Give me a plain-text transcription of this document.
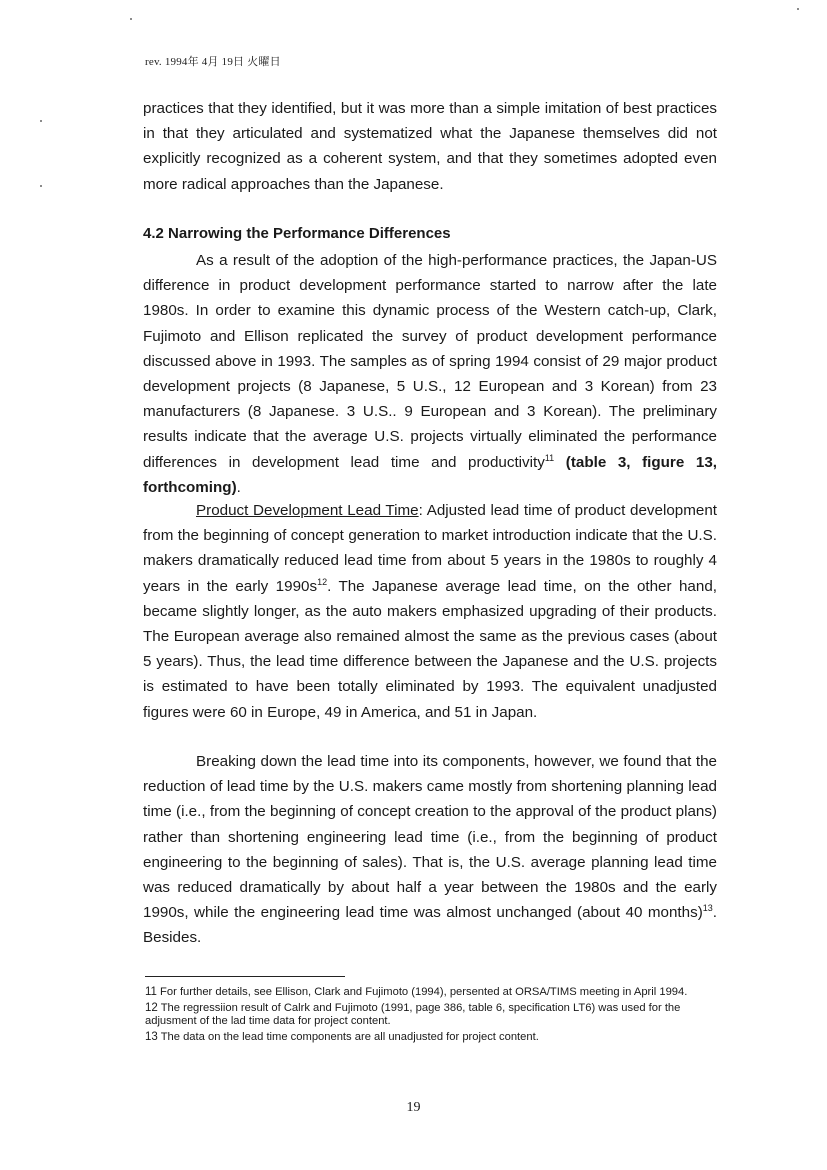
rev. 1994年 4月 19日 火曜日

practices that they identified, but it was more than a simple imitation of best practices in that they articulated and systematized what the Japanese themselves did not explicitly recognized as a coherent system, and that they sometimes adopted even more radical approaches than the Japanese.

4.2 Narrowing the Performance Differences

As a result of the adoption of the high-performance practices, the Japan-US difference in product development performance started to narrow after the late 1980s. In order to examine this dynamic process of the Western catch-up, Clark, Fujimoto and Ellison replicated the survey of product development performance discussed above in 1993. The samples as of spring 1994 consist of 29 major product development projects (8 Japanese, 5 U.S., 12 European and 3 Korean) from 23 manufacturers (8 Japanese. 3 U.S.. 9 European and 3 Korean). The preliminary results indicate that the average U.S. projects virtually eliminated the performance differences in development lead time and productivity$^{11}$ (table 3, figure 13, forthcoming).

Product Development Lead Time: Adjusted lead time of product development from the beginning of concept generation to market introduction indicate that the U.S. makers dramatically reduced lead time from about 5 years in the 1980s to roughly 4 years in the early $1990s^{12}$. The Japanese average lead time, on the other hand, became slightly longer, as the auto makers emphasized upgrading of their products. The European average also remained almost the same as the previous cases (about 5 years). Thus, the lead time difference between the Japanese and the U.S. projects is estimated to have been totally eliminated by 1993. The equivalent unadjusted figures were 60 in Europe, 49 in America, and 51 in Japan.

Breaking down the lead time into its components, however, we found that the reduction of lead time by the U.S. makers came mostly from shortening planning lead time (i.e., from the beginning of concept creation to the approval of the product plans) rather than shortening engineering lead time (i.e., from the beginning of product engineering to the beginning of sales). That is, the U.S. average planning lead time was reduced dramatically by about half a year between the 1980s and the early 1990s, while the engineering lead time was almost unchanged (about 40 months)$^{13}$. Besides.

11 For further details, see Ellison, Clark and Fujimoto (1994), persented at ORSA/TIMS meeting in April 1994.

12 The regressiion result of Calrk and Fujimoto (1991, page 386, table 6, specification LT6) was used for the adjusment of the lad time data for project content.

13 The data on the lead time components are all unadjusted for project content.

19
